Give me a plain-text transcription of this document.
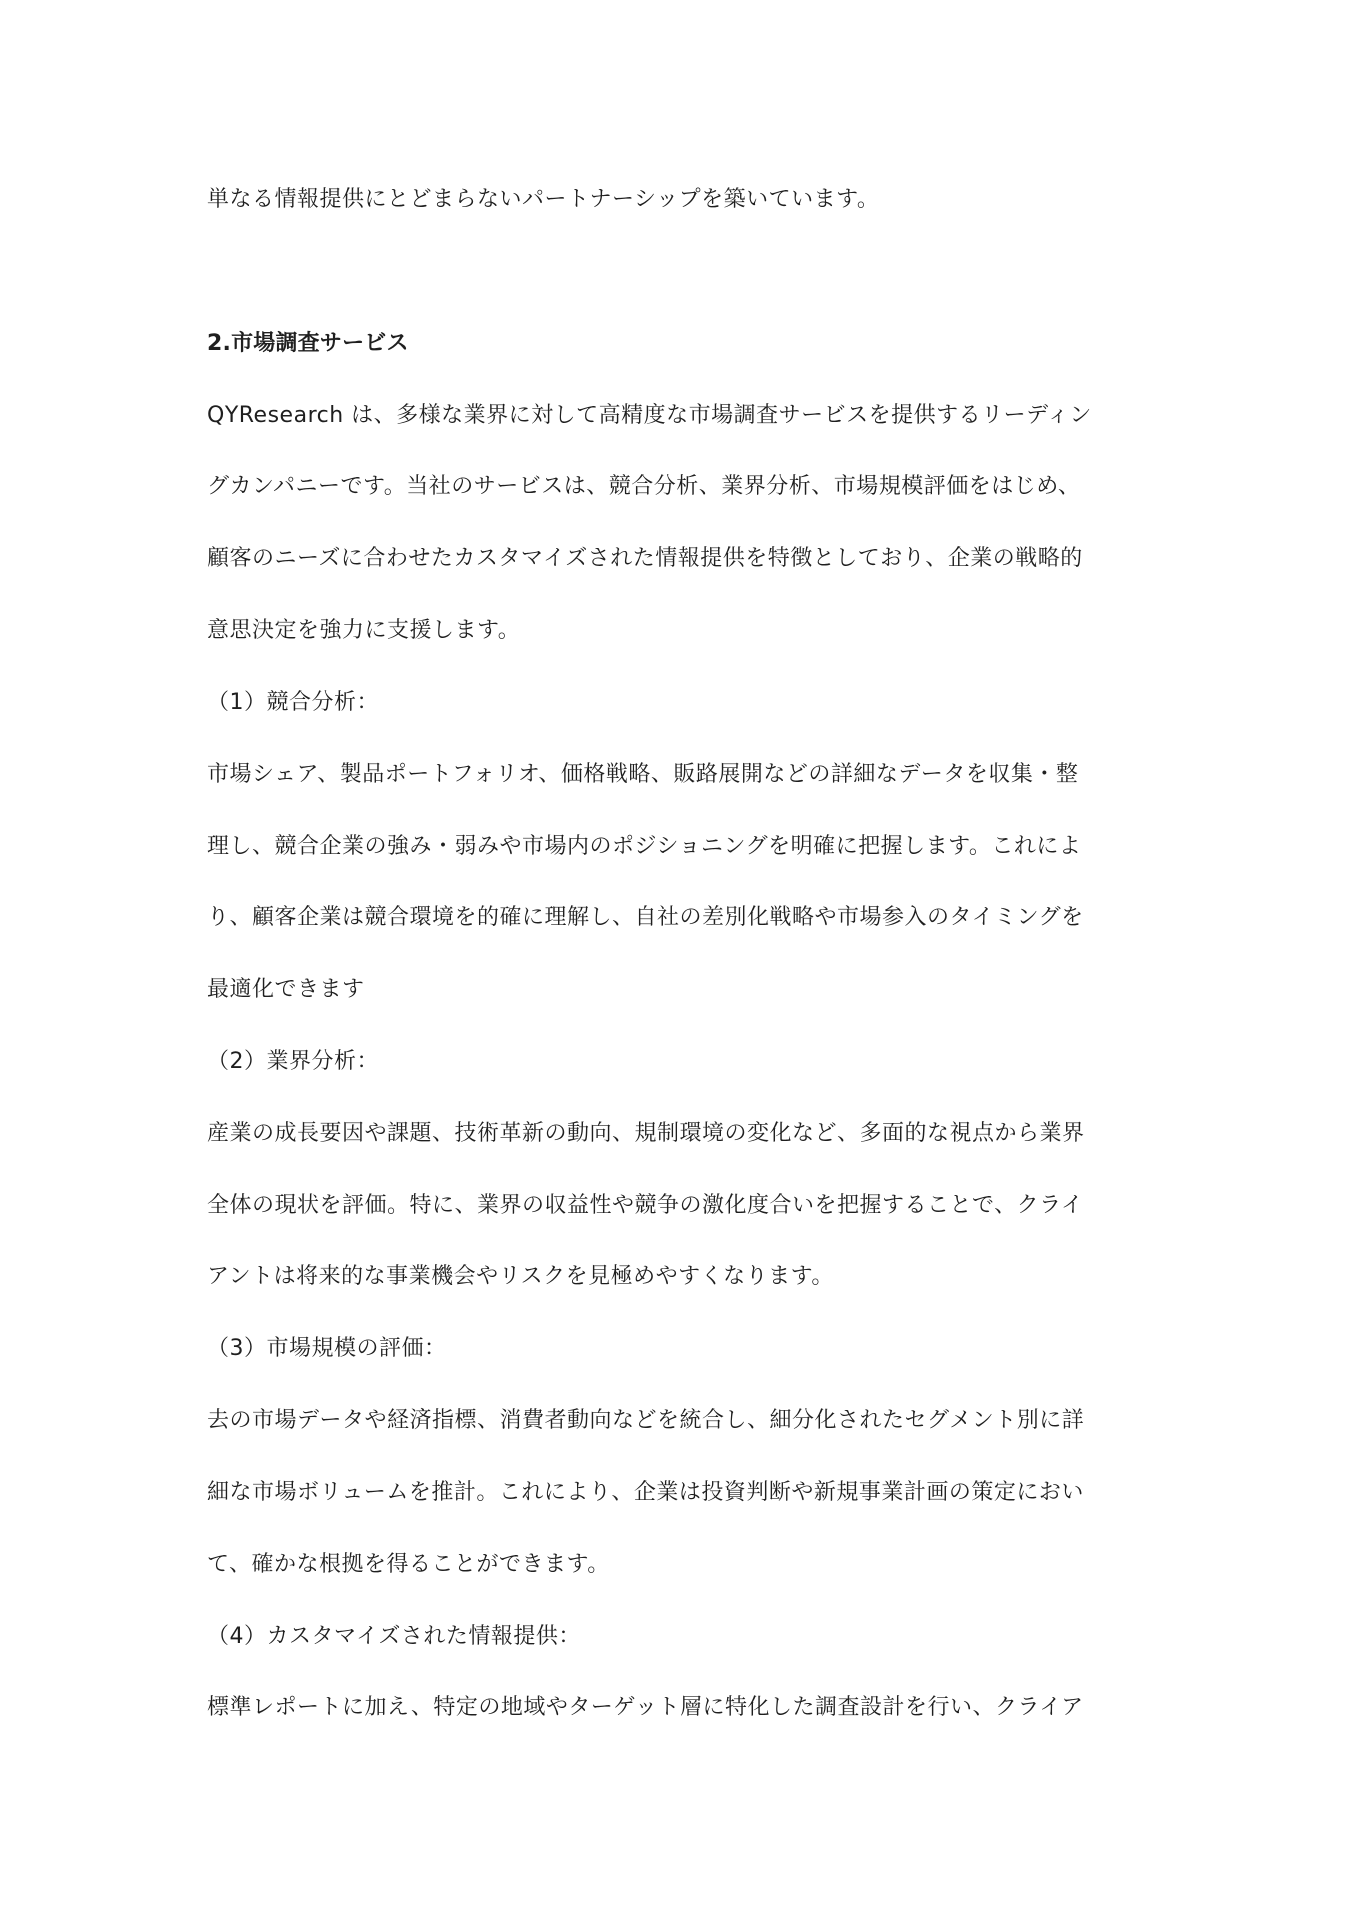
単なる情報提供にとどまらないパートナーシップを築いています。
2.市場調査サービス
QYResearch は、多様な業界に対して高精度な市場調査サービスを提供するリーディン
グカンパニーです。当社のサービスは、競合分析、業界分析、市場規模評価をはじめ、
顧客のニーズに合わせたカスタマイズされた情報提供を特徴としており、企業の戦略的
意思決定を強力に支援します。
（1）競合分析：
市場シェア、製品ポートフォリオ、価格戦略、販路展開などの詳細なデータを収集・整
理し、競合企業の強み・弱みや市場内のポジショニングを明確に把握します。これによ
り、顧客企業は競合環境を的確に理解し、自社の差別化戦略や市場参入のタイミングを
最適化できます
（2）業界分析：
産業の成長要因や課題、技術革新の動向、規制環境の変化など、多面的な視点から業界
全体の現状を評価。特に、業界の収益性や競争の激化度合いを把握することで、クライ
アントは将来的な事業機会やリスクを見極めやすくなります。
（3）市場規模の評価：
去の市場データや経済指標、消費者動向などを統合し、細分化されたセグメント別に詳
細な市場ボリュームを推計。これにより、企業は投資判断や新規事業計画の策定におい
て、確かな根拠を得ることができます。
（4）カスタマイズされた情報提供：
標準レポートに加え、特定の地域やターゲット層に特化した調査設計を行い、クライア
